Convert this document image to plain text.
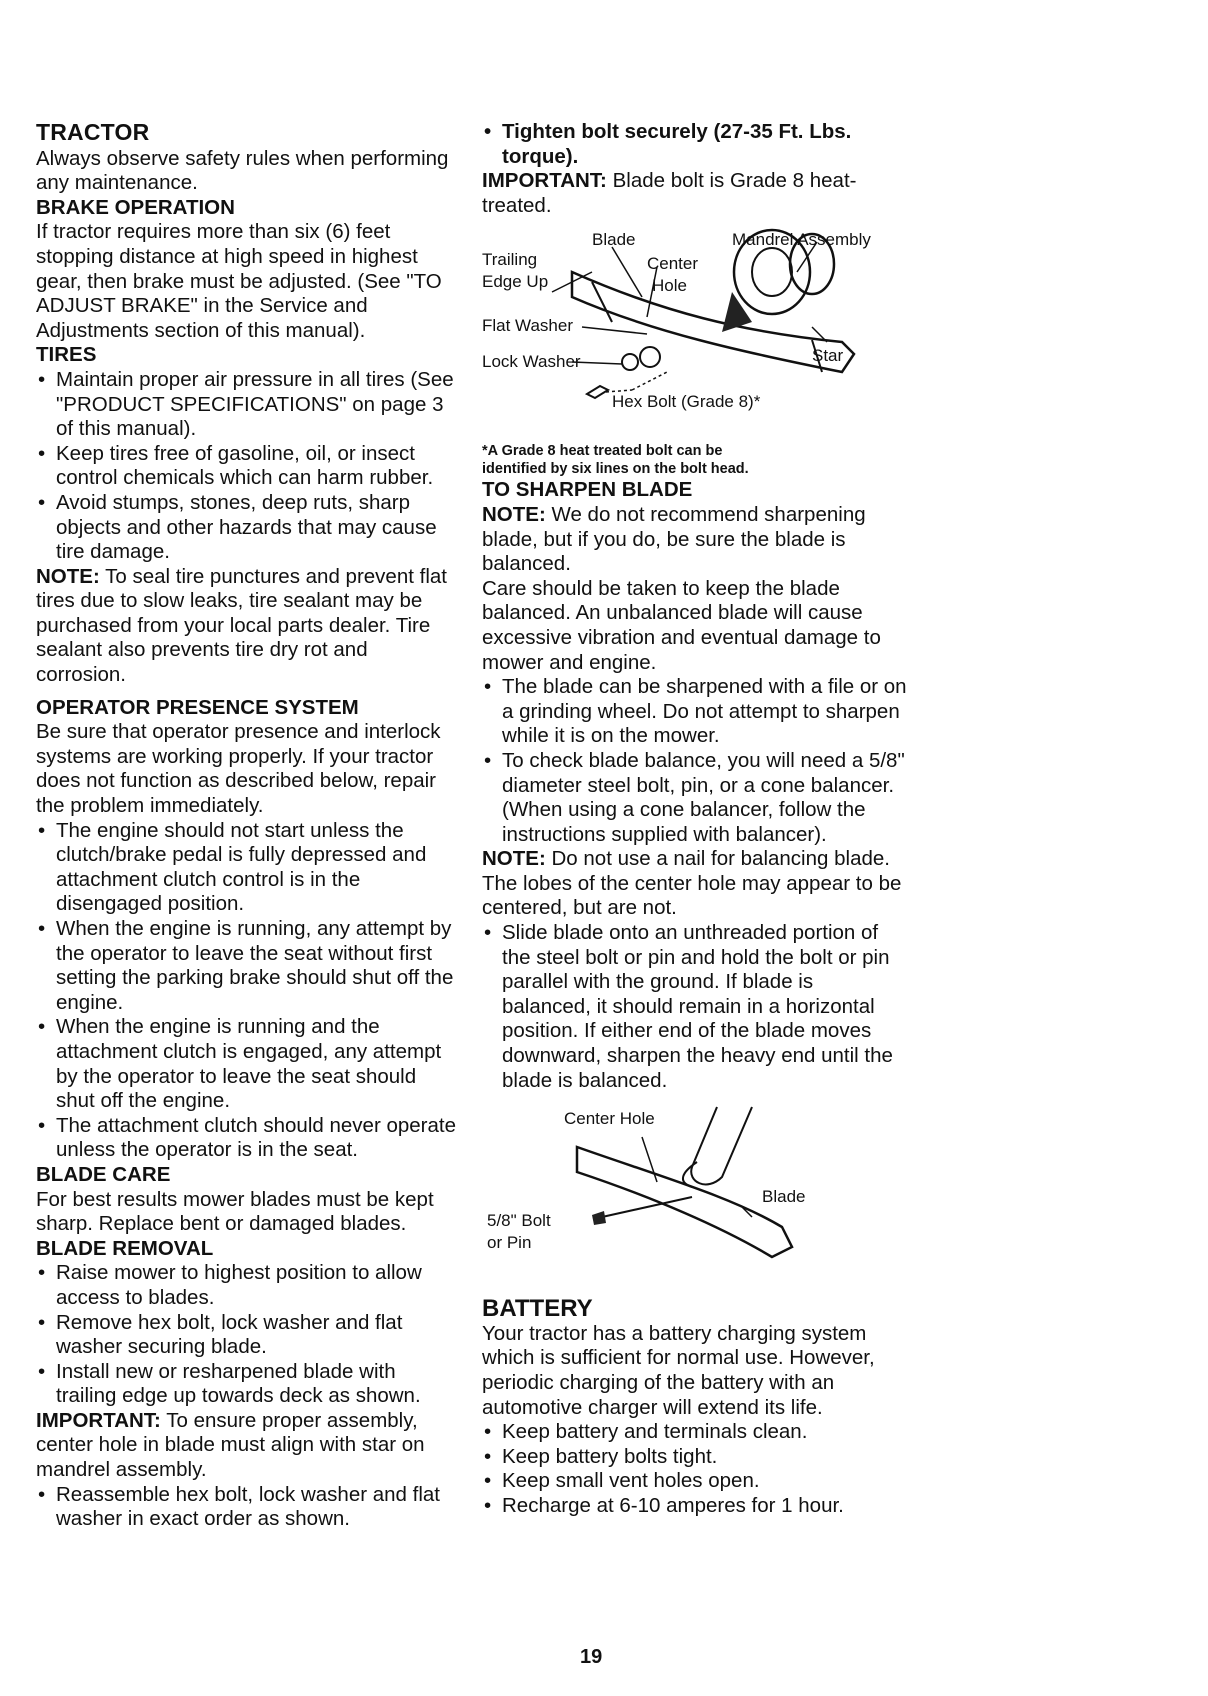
TRACTOR

Always observe safety rules when performing any maintenance.

BRAKE OPERATION

If tractor requires more than six (6) feet stopping distance at high speed in highest gear, then brake must be adjusted. (See "TO ADJUST BRAKE" in the Service and Adjustments section of this manual).

TIRES
• Maintain proper air pressure in all tires (See "PRODUCT SPECIFICATIONS" on page 3 of this manual).
• Keep tires free of gasoline, oil, or insect control chemicals which can harm rubber.
• Avoid stumps, stones, deep ruts, sharp objects and other hazards that may cause tire damage.

NOTE: To seal tire punctures and prevent flat tires due to slow leaks, tire sealant may be purchased from your local parts dealer. Tire sealant also prevents tire dry rot and corrosion.

OPERATOR PRESENCE SYSTEM

Be sure that operator presence and interlock systems are working properly. If your tractor does not function as described below, repair the problem immediately.

• The engine should not start unless the clutch/brake pedal is fully depressed and attachment clutch control is in the disengaged position.
• When the engine is running, any attempt by the operator to leave the seat without first setting the parking brake should shut off the engine.
• When the engine is running and the attachment clutch is engaged, any attempt by the operator to leave the seat should shut off the engine.
• The attachment clutch should never operate unless the operator is in the seat.
BLADE CARE

For best results mower blades must be kept sharp. Replace bent or damaged blades.

BLADE REMOVAL
• Raise mower to highest position to allow access to blades.
• Remove hex bolt, lock washer and flat washer securing blade.
• Install new or resharpened blade with trailing edge up towards deck as shown.

IMPORTANT: To ensure proper assembly, center hole in blade must align with star on mandrel assembly.

• Reassemble hex bolt, lock washer and flat washer in exact order as shown.
• Tighten bolt securely (27-35 Ft. Lbs. torque).

IMPORTANT: Blade bolt is Grade 8 heat-treated.

Trailing
Edge Up
Blade	Mandrel Assembly
Center
Hole
Flat Washer
Star
Lock Washer
Hex Bolt (Grade 8)*
*A Grade 8 heat treated bolt can be
identified by six lines on the bolt head.
TO SHARPEN BLADE

NOTE: We do not recommend sharpening blade, but if you do, be sure the blade is balanced.

Care should be taken to keep the blade balanced. An unbalanced blade will cause excessive vibration and eventual damage to mower and engine.

• The blade can be sharpened with a file or on a grinding wheel. Do not attempt to sharpen while it is on the mower.
• To check blade balance, you will need a 5/8" diameter steel bolt, pin, or a cone balancer. (When using a cone balancer, follow the instructions supplied with balancer).

NOTE: Do not use a nail for balancing blade. The lobes of the center hole may appear to be centered, but are not.

• Slide blade onto an unthreaded portion of the steel bolt or pin and hold the bolt or pin parallel with the ground. If blade is balanced, it should remain in a horizontal position. If either end of the blade moves downward, sharpen the heavy end until the blade is balanced.
Center Hole
Blade
5/8" Bolt
or Pin
BATTERY

Your tractor has a battery charging system which is sufficient for normal use. However, periodic charging of the battery with an automotive charger will extend its life.

• Keep battery and terminals clean.
• Keep battery bolts tight.
• Keep small vent holes open.
• Recharge at 6-10 amperes for 1 hour.
19
